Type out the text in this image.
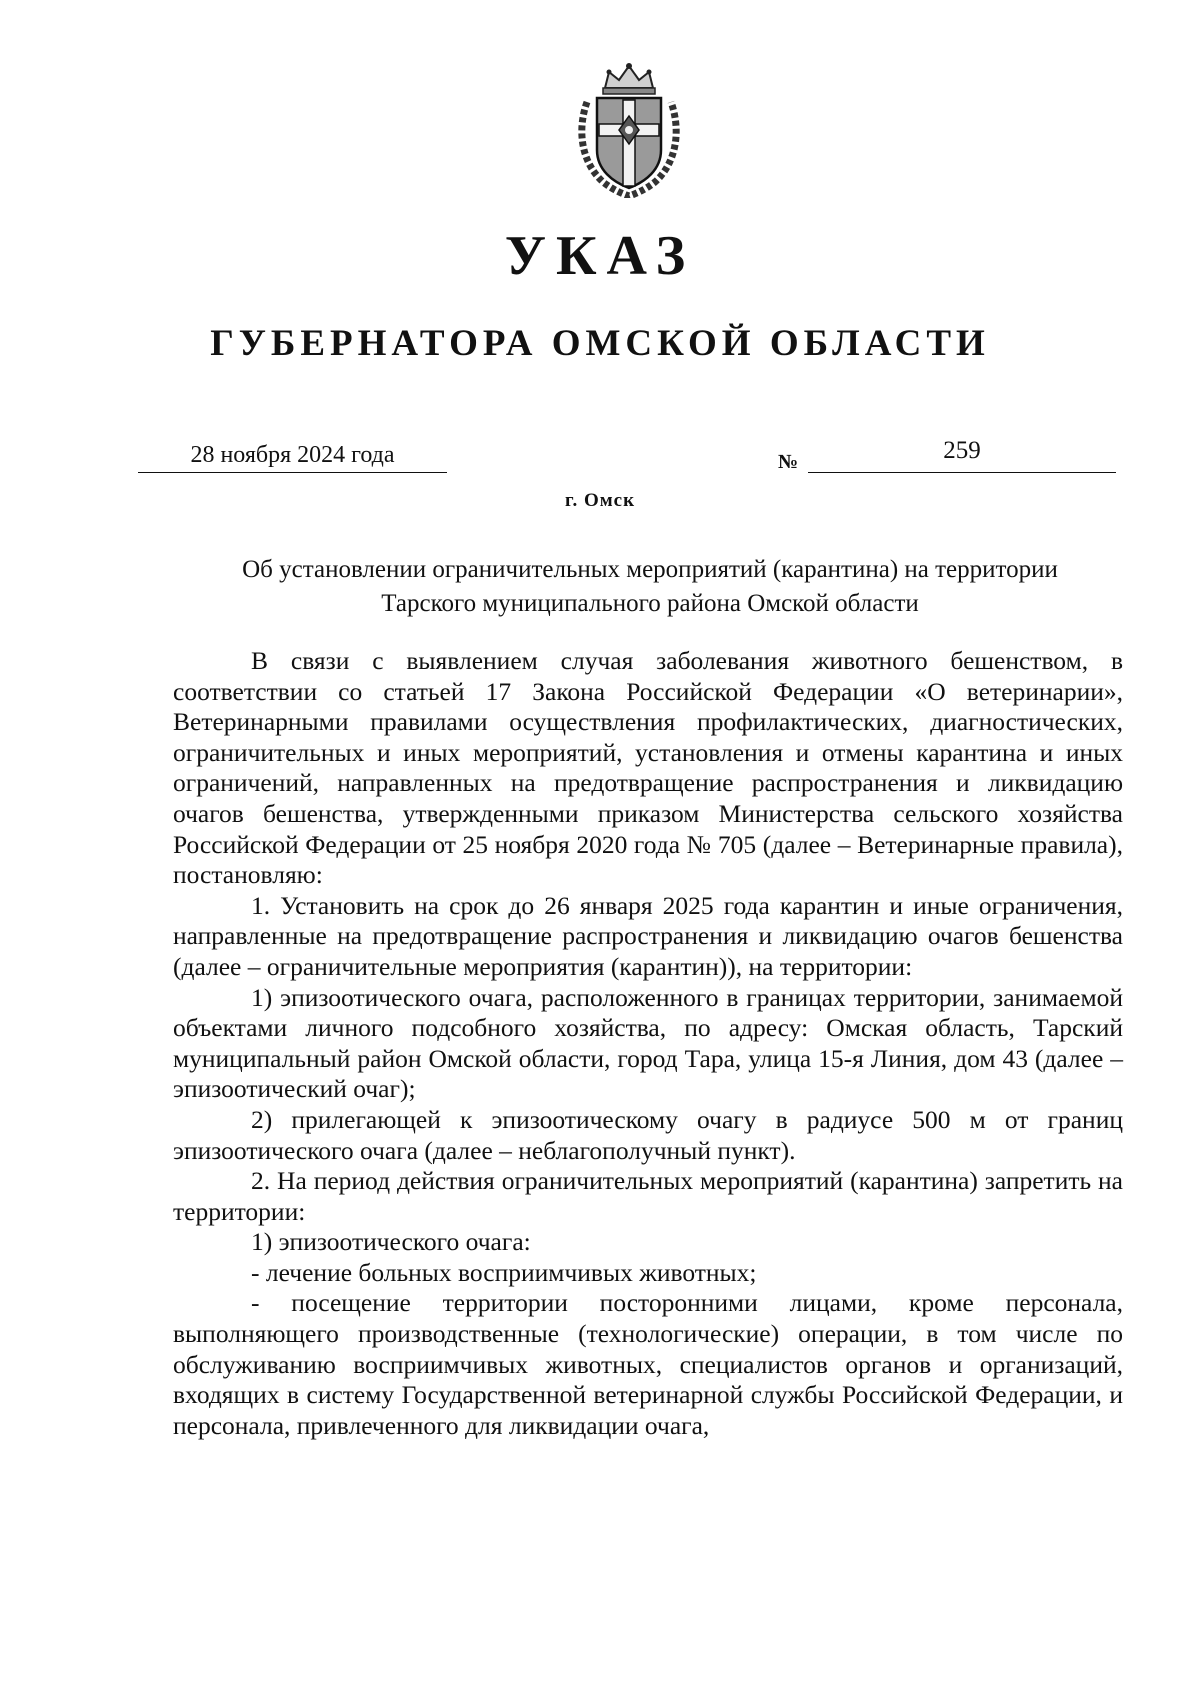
УКАЗ
ГУБЕРНАТОРА ОМСКОЙ ОБЛАСТИ
28 ноября 2024 года	№	259
г. Омск
Об установлении ограничительных мероприятий (карантина) на территории
Тарского муниципального района Омской области

В связи с выявлением случая заболевания животного бешенством, в соответствии со статьей 17 Закона Российской Федерации «О ветеринарии», Ветеринарными правилами осуществления профилактических, диагностических, ограничительных и иных мероприятий, установления и отмены карантина и иных ограничений, направленных на предотвращение распространения и ликвидацию очагов бешенства, утвержденными приказом Министерства сельского хозяйства Российской Федерации от 25 ноября 2020 года № 705 (далее – Ветеринарные правила), постановляю:

1. Установить на срок до 26 января 2025 года карантин и иные ограничения, направленные на предотвращение распространения и ликвидацию очагов бешенства (далее – ограничительные мероприятия (карантин)), на территории:

1) эпизоотического очага, расположенного в границах территории, занимаемой объектами личного подсобного хозяйства, по адресу: Омская область, Тарский муниципальный район Омской области, город Тара, улица 15-я Линия, дом 43 (далее – эпизоотический очаг);

2) прилегающей к эпизоотическому очагу в радиусе 500 м от границ эпизоотического очага (далее – неблагополучный пункт).

2. На период действия ограничительных мероприятий (карантина) запретить на территории:

1) эпизоотического очага:

- лечение больных восприимчивых животных;

- посещение территории посторонними лицами, кроме персонала, выполняющего производственные (технологические) операции, в том числе по обслуживанию восприимчивых животных, специалистов органов и организаций, входящих в систему Государственной ветеринарной службы Российской Федерации, и персонала, привлеченного для ликвидации очага,
